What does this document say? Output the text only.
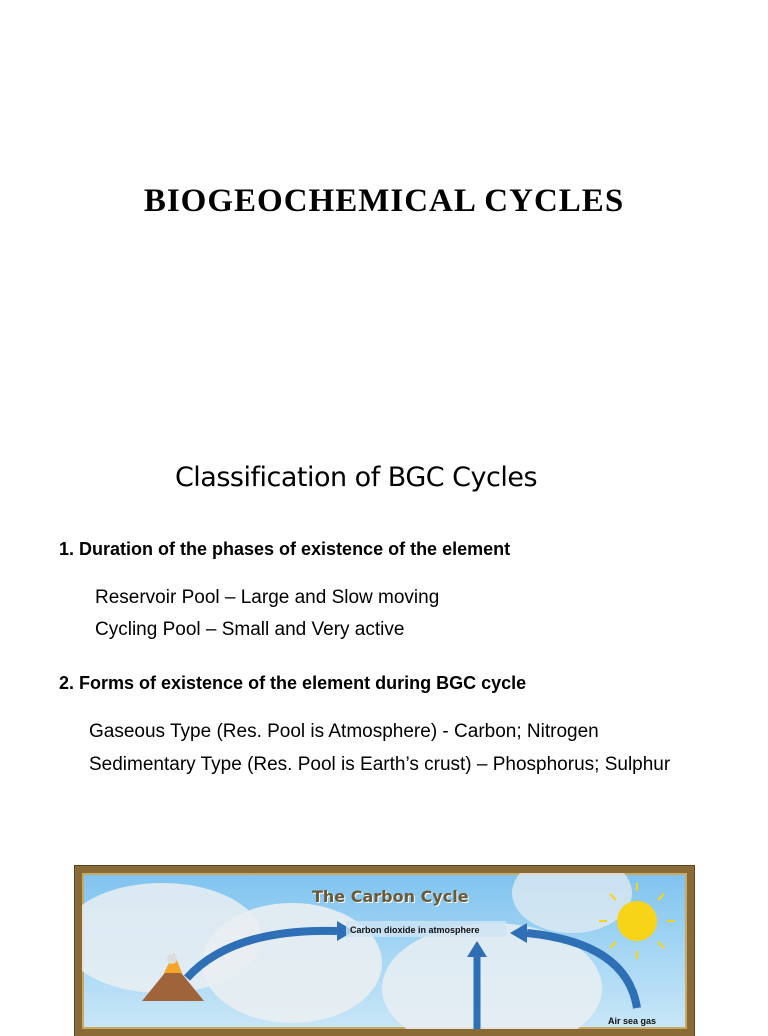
BIOGEOCHEMICAL CYCLES
Classification of BGC Cycles
1. Duration of the phases of existence of the element
Reservoir Pool – Large and Slow moving
Cycling Pool – Small and Very active
2. Forms of existence of the element during BGC cycle
Gaseous Type (Res. Pool is Atmosphere) - Carbon; Nitrogen
Sedimentary Type (Res. Pool is Earth’s crust) – Phosphorus; Sulphur
The Carbon Cycle
Carbon dioxide in atmosphere
Air sea gas
